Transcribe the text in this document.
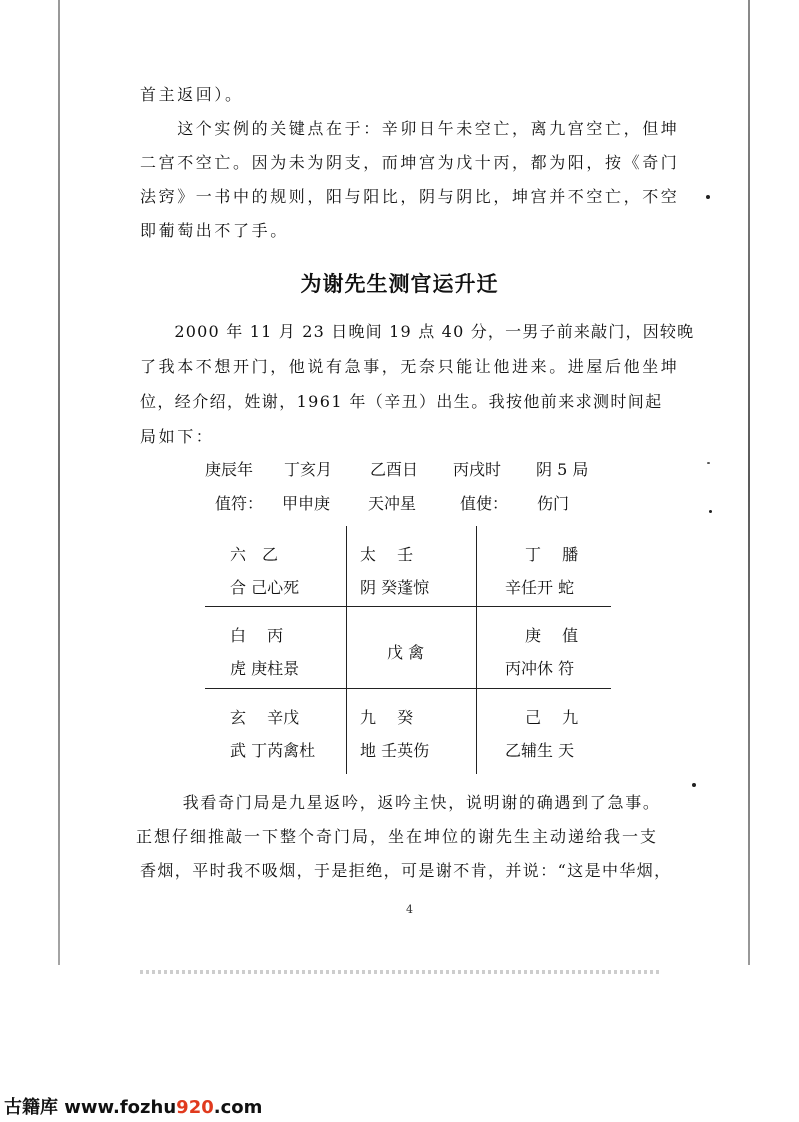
首主返回）。
　　这个实例的关键点在于：辛卯日午未空亡，离九宫空亡，但坤
二宫不空亡。因为未为阴支，而坤宫为戊十丙，都为阳，按《奇门
法窍》一书中的规则，阳与阳比，阴与阴比，坤宫并不空亡，不空
即葡萄出不了手。
为谢先生测官运升迁
　　2000 年 11 月 23 日晚间 19 点 40 分，一男子前来敲门，因较晚
了我本不想开门，他说有急事，无奈只能让他进来。进屋后他坐坤
位，经介绍，姓谢，1961 年（辛丑）出生。我按他前来求测时间起
局如下：
庚辰年 丁亥月 乙酉日 丙戌时 阴 5 局
值符： 甲申庚 天冲星	值使： 伤门
六　乙
合 己心死
太　 壬
阴 癸蓬惊
丁　 膰
辛任开 蛇
白　 丙
虎 庚柱景
戊 禽
庚　 值
丙冲休 符
玄　 辛戊
武 丁芮禽杜
九　 癸
地 壬英伤
己　 九
乙辅生 天
　我看奇门局是九星返吟，返吟主快，说明谢的确遇到了急事。
正想仔细推敲一下整个奇门局，坐在坤位的谢先生主动递给我一支
香烟，平时我不吸烟，于是拒绝，可是谢不肯，并说：“这是中华烟，
4
古籍库 www.fozhu920.com
